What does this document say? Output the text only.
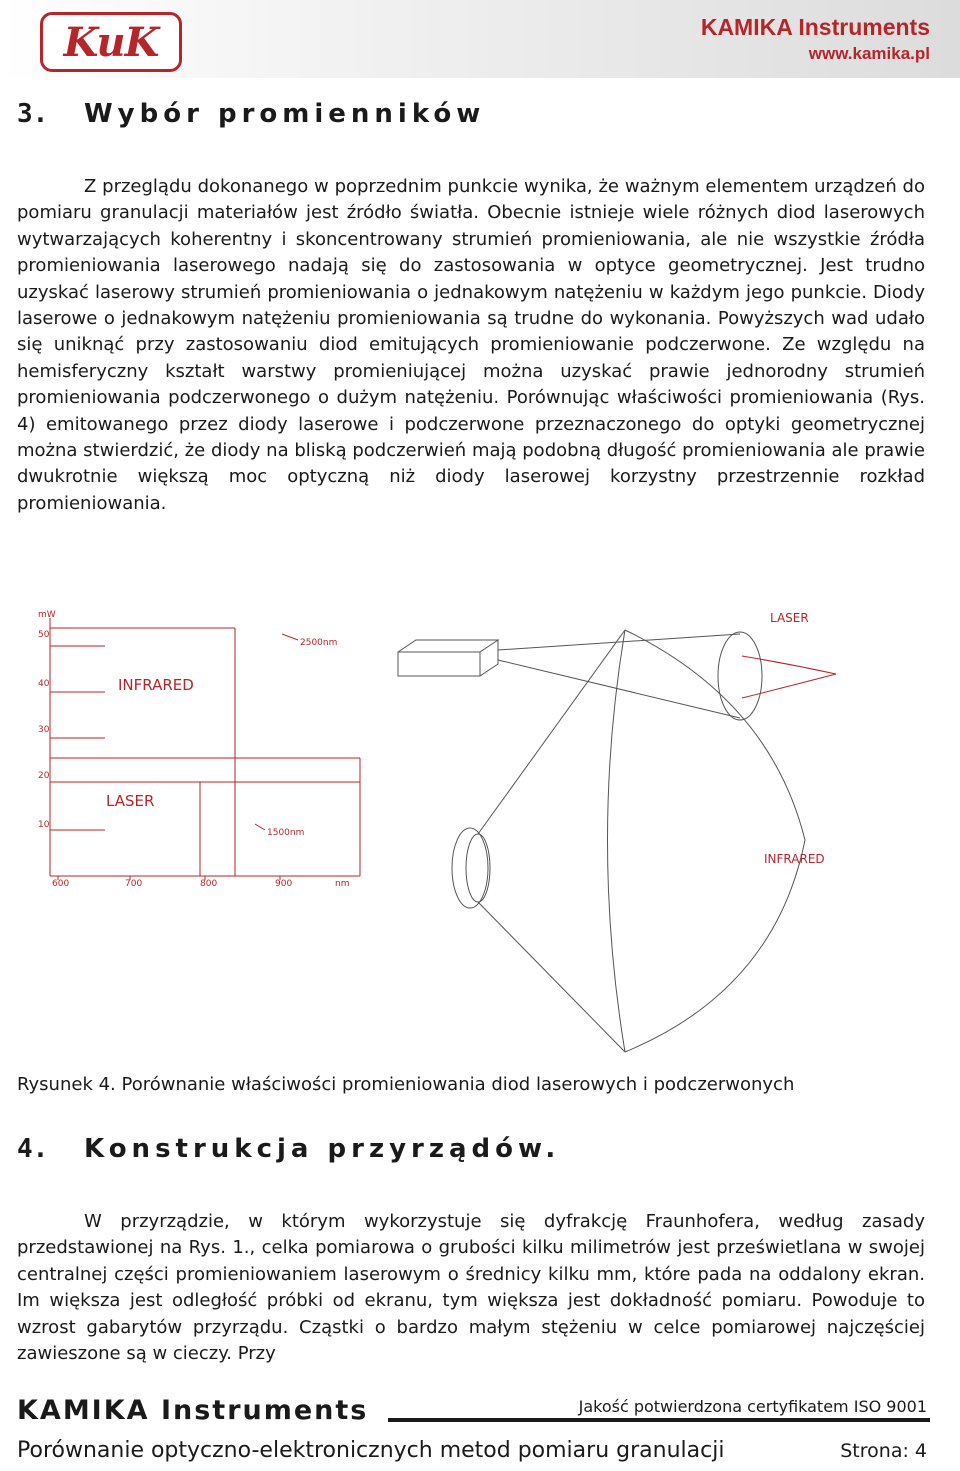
KuK	KAMIKA Instruments
www.kamika.pl
3. Wybór promienników

Z przeglądu dokonanego w poprzednim punkcie wynika, że ważnym elementem urządzeń do pomiaru granulacji materiałów jest źródło światła. Obecnie istnieje wiele różnych diod laserowych wytwarzających koherentny i skoncentrowany strumień promieniowania, ale nie wszystkie źródła promieniowania laserowego nadają się do zastosowania w optyce geometrycznej. Jest trudno uzyskać laserowy strumień promieniowania o jednakowym natężeniu w każdym jego punkcie. Diody laserowe o jednakowym natężeniu promieniowania są trudne do wykonania. Powyższych wad udało się uniknąć przy zastosowaniu diod emitujących promieniowanie podczerwone. Ze względu na hemisferyczny kształt warstwy promieniującej można uzyskać prawie jednorodny strumień promieniowania podczerwonego o dużym natężeniu. Porównując właściwości promieniowania (Rys. 4) emitowanego przez diody laserowe i podczerwone przeznaczonego do optyki geometrycznej można stwierdzić, że diody na bliską podczerwień mają podobną długość promieniowania ale prawie dwukrotnie większą moc optyczną niż diody laserowej korzystny przestrzennie rozkład promieniowania.

mW
50
40
30
20
10
600	700	800	900	nm
2500nm
1500nm
INFRARED
LASER
LASER
INFRARED
Rysunek 4. Porównanie właściwości promieniowania diod laserowych i podczerwonych
4. Konstrukcja przyrządów.

W przyrządzie, w którym wykorzystuje się dyfrakcję Fraunhofera, według zasady przedstawionej na Rys. 1., celka pomiarowa o grubości kilku milimetrów jest prześwietlana w swojej centralnej części promieniowaniem laserowym o średnicy kilku mm, które pada na oddalony ekran. Im większa jest odległość próbki od ekranu, tym większa jest dokładność pomiaru. Powoduje to wzrost gabarytów przyrządu. Cząstki o bardzo małym stężeniu w celce pomiarowej najczęściej zawieszone są w cieczy. Przy

KAMIKA Instruments	Jakość potwierdzona certyfikatem ISO 9001
Porównanie optyczno-elektronicznych metod pomiaru granulacji	Strona: 4
